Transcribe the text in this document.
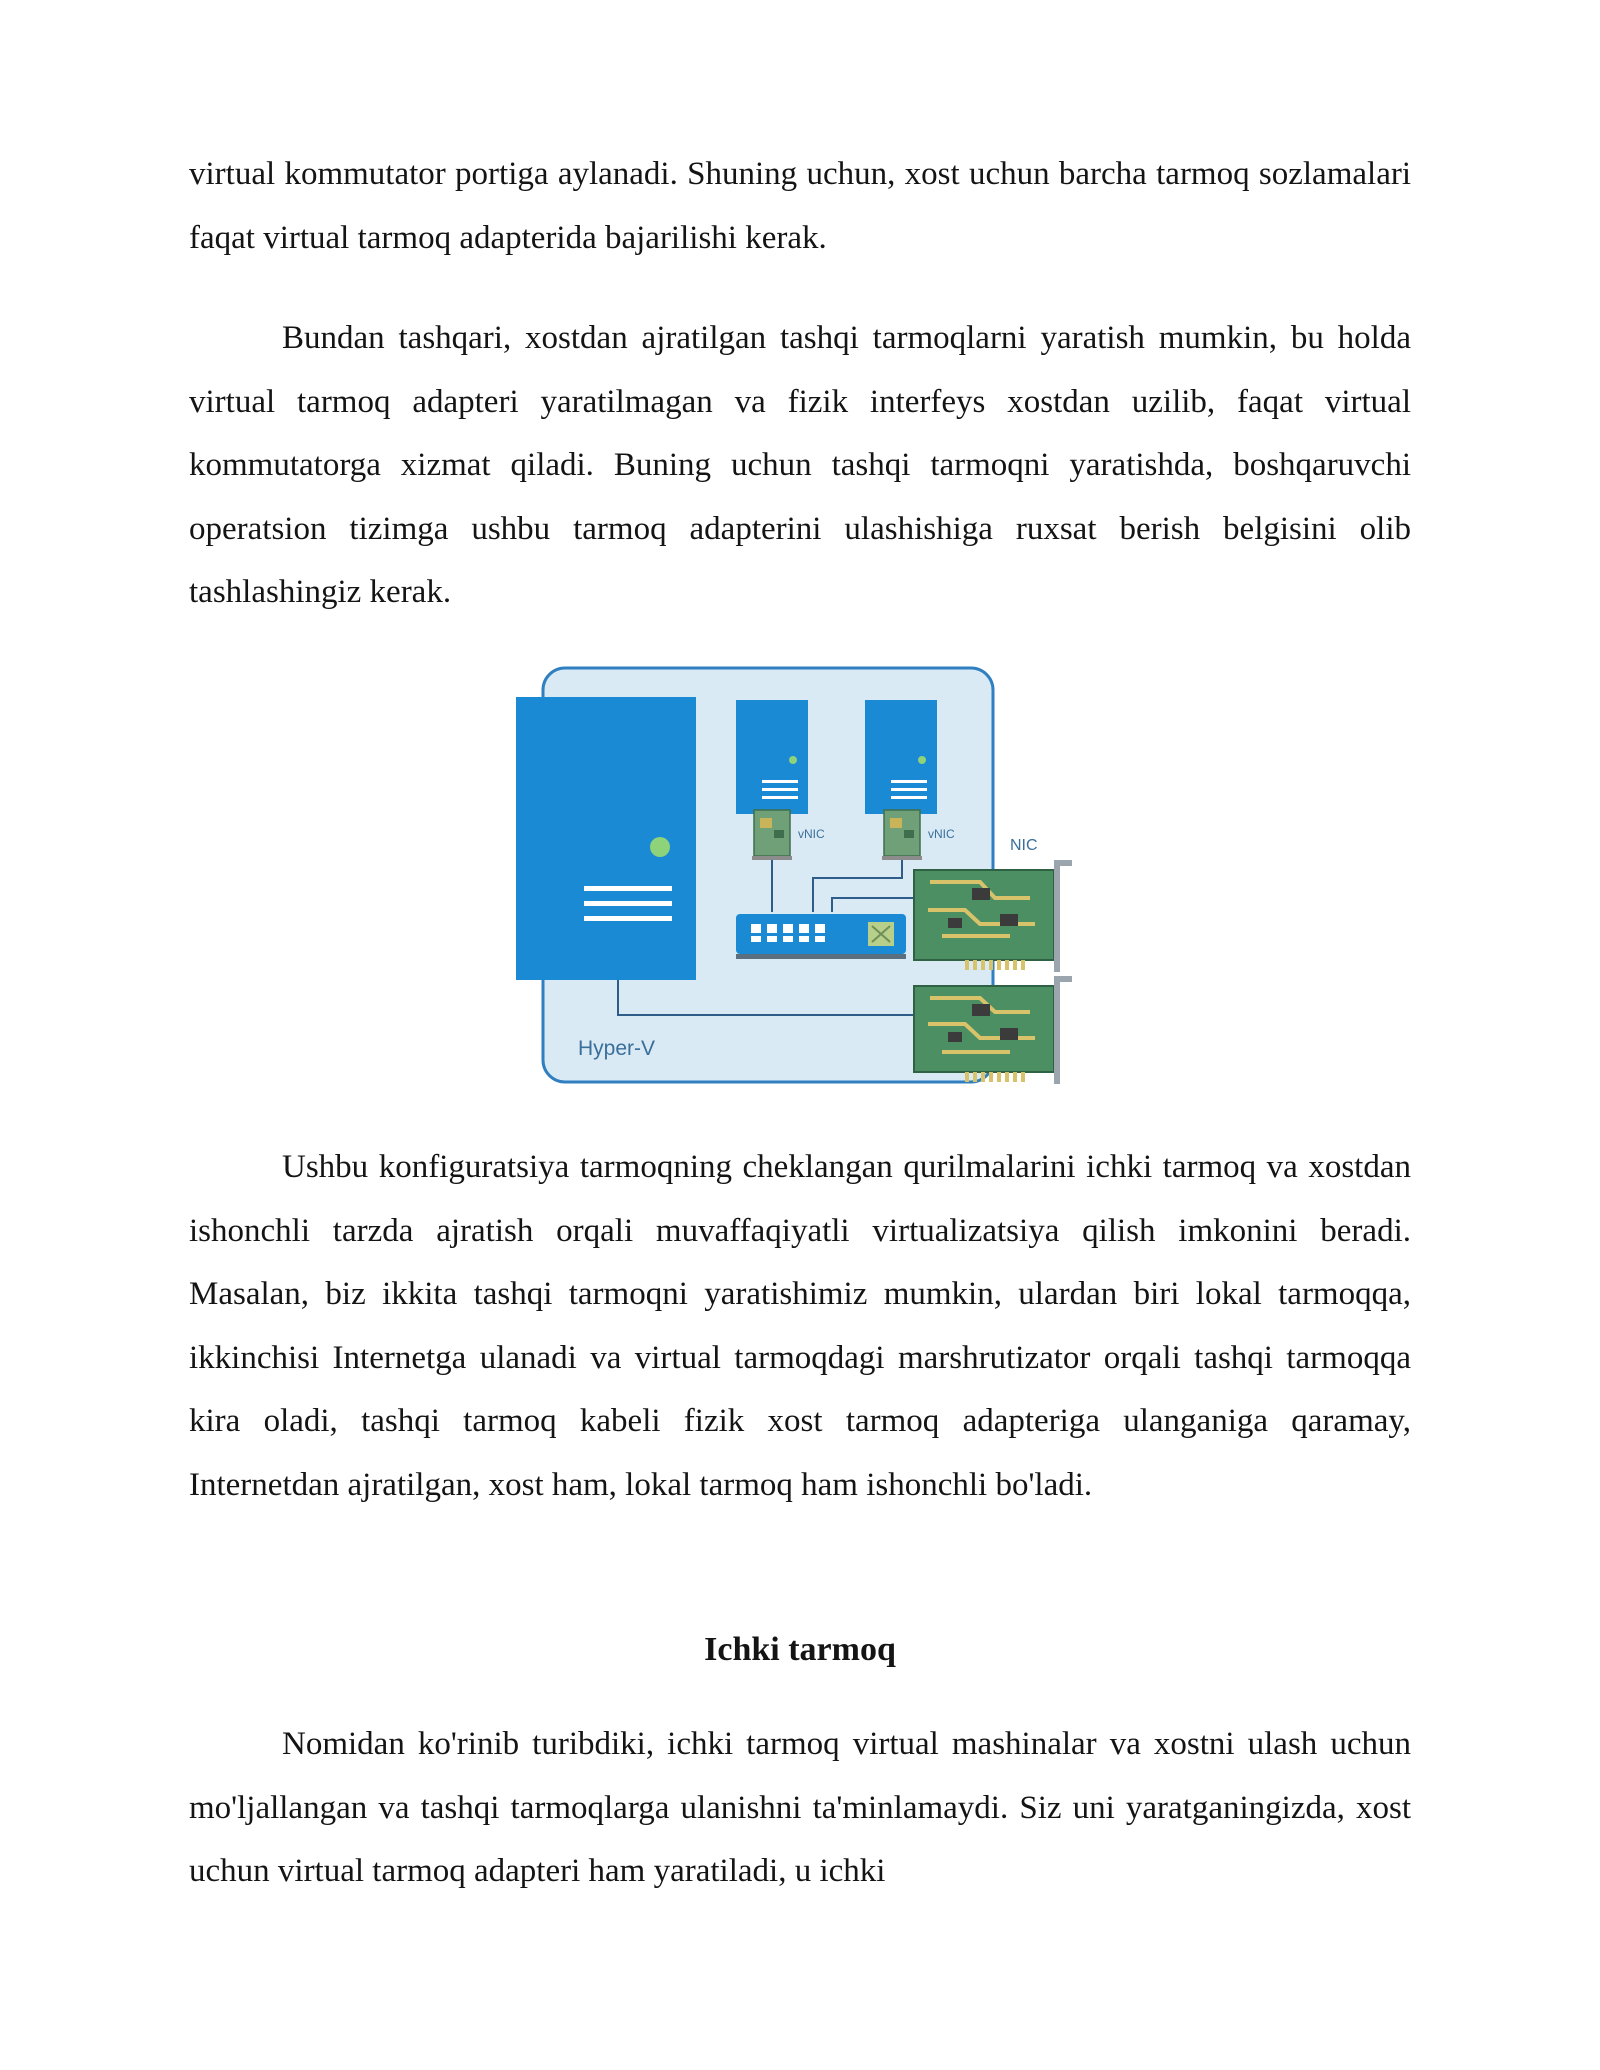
virtual kommutator portiga aylanadi. Shuning uchun, xost uchun barcha tarmoq sozlamalari faqat virtual tarmoq adapterida bajarilishi kerak.

Bundan tashqari, xostdan ajratilgan tashqi tarmoqlarni yaratish mumkin, bu holda virtual tarmoq adapteri yaratilmagan va fizik interfeys xostdan uzilib, faqat virtual kommutatorga xizmat qiladi. Buning uchun tashqi tarmoqni yaratishda, boshqaruvchi operatsion tizimga ushbu tarmoq adapterini ulashishiga ruxsat berish belgisini olib tashlashingiz kerak.

vNIC	vNIC
NIC
Hyper-V

Ushbu konfiguratsiya tarmoqning cheklangan qurilmalarini ichki tarmoq va xostdan ishonchli tarzda ajratish orqali muvaffaqiyatli virtualizatsiya qilish imkonini beradi. Masalan, biz ikkita tashqi tarmoqni yaratishimiz mumkin, ulardan biri lokal tarmoqqa, ikkinchisi Internetga ulanadi va virtual tarmoqdagi marshrutizator orqali tashqi tarmoqqa kira oladi, tashqi tarmoq kabeli fizik xost tarmoq adapteriga ulanganiga qaramay, Internetdan ajratilgan, xost ham, lokal tarmoq ham ishonchli bo'ladi.

Ichki tarmoq

Nomidan ko'rinib turibdiki, ichki tarmoq virtual mashinalar va xostni ulash uchun mo'ljallangan va tashqi tarmoqlarga ulanishni ta'minlamaydi. Siz uni yaratganingizda, xost uchun virtual tarmoq adapteri ham yaratiladi, u ichki
